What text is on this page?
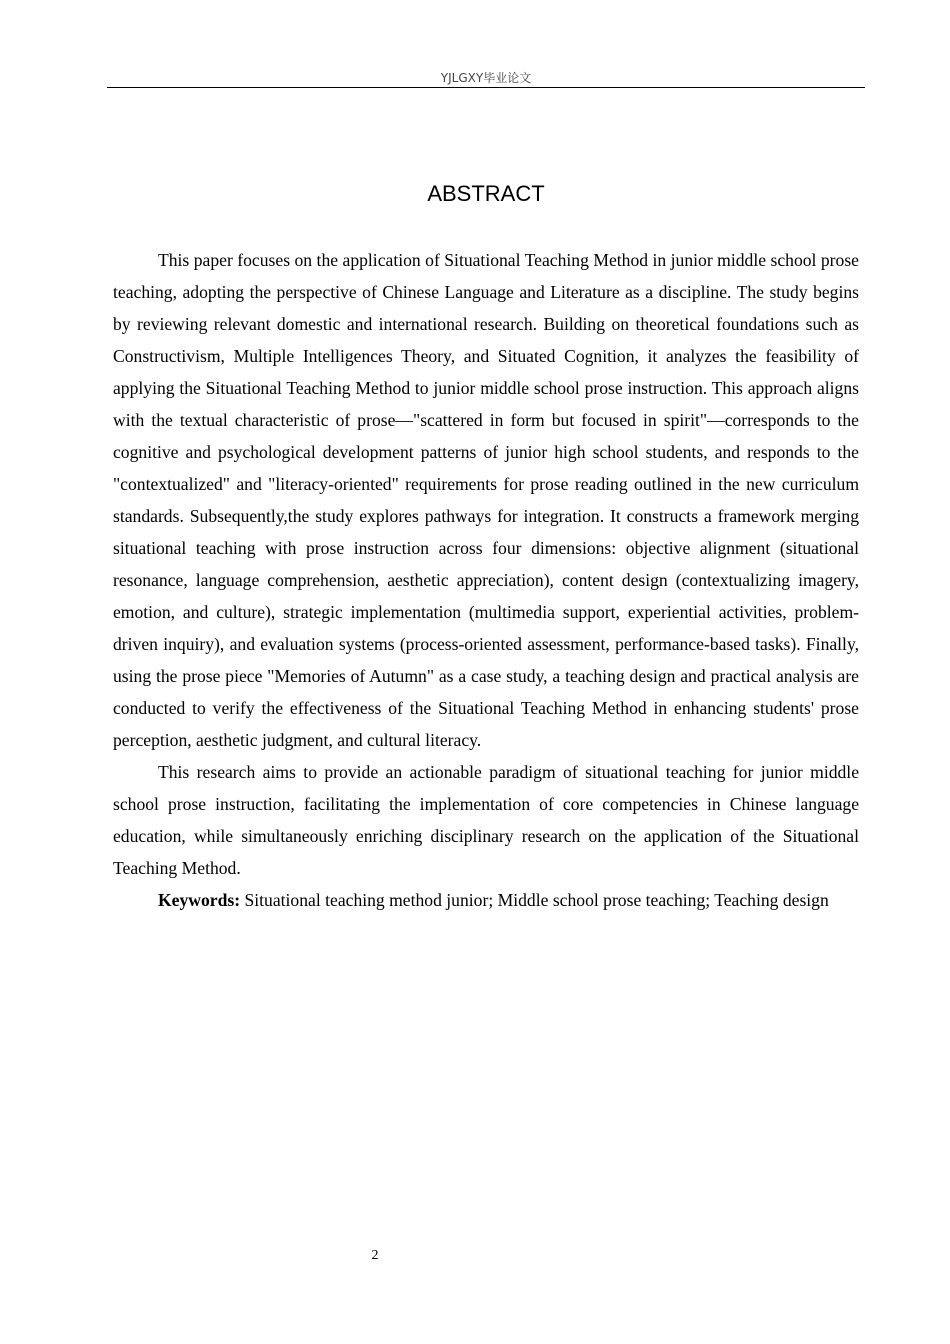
YJLGXY毕业论文
ABSTRACT

This paper focuses on the application of Situational Teaching Method in junior middle school prose teaching, adopting the perspective of Chinese Language and Literature as a discipline. The study begins by reviewing relevant domestic and international research. Building on theoretical foundations such as Constructivism, Multiple Intelligences Theory, and Situated Cognition, it analyzes the feasibility of applying the Situational Teaching Method to junior middle school prose instruction. This approach aligns with the textual characteristic of prose—"scattered in form but focused in spirit"—corresponds to the cognitive and psychological development patterns of junior high school students, and responds to the "contextualized" and "literacy-oriented" requirements for prose reading outlined in the new curriculum standards. Subsequently,the study explores pathways for integration. It constructs a framework merging situational teaching with prose instruction across four dimensions: objective alignment (situational resonance, language comprehension, aesthetic appreciation), content design (contextualizing imagery, emotion, and culture), strategic implementation (multimedia support, experiential activities, problem-driven inquiry), and evaluation systems (process-oriented assessment, performance-based tasks). Finally, using the prose piece "Memories of Autumn" as a case study, a teaching design and practical analysis are conducted to verify the effectiveness of the Situational Teaching Method in enhancing students' prose perception, aesthetic judgment, and cultural literacy.

This research aims to provide an actionable paradigm of situational teaching for junior middle school prose instruction, facilitating the implementation of core competencies in Chinese language education, while simultaneously enriching disciplinary research on the application of the Situational Teaching Method.

Keywords: Situational teaching method junior; Middle school prose teaching; Teaching design

2
